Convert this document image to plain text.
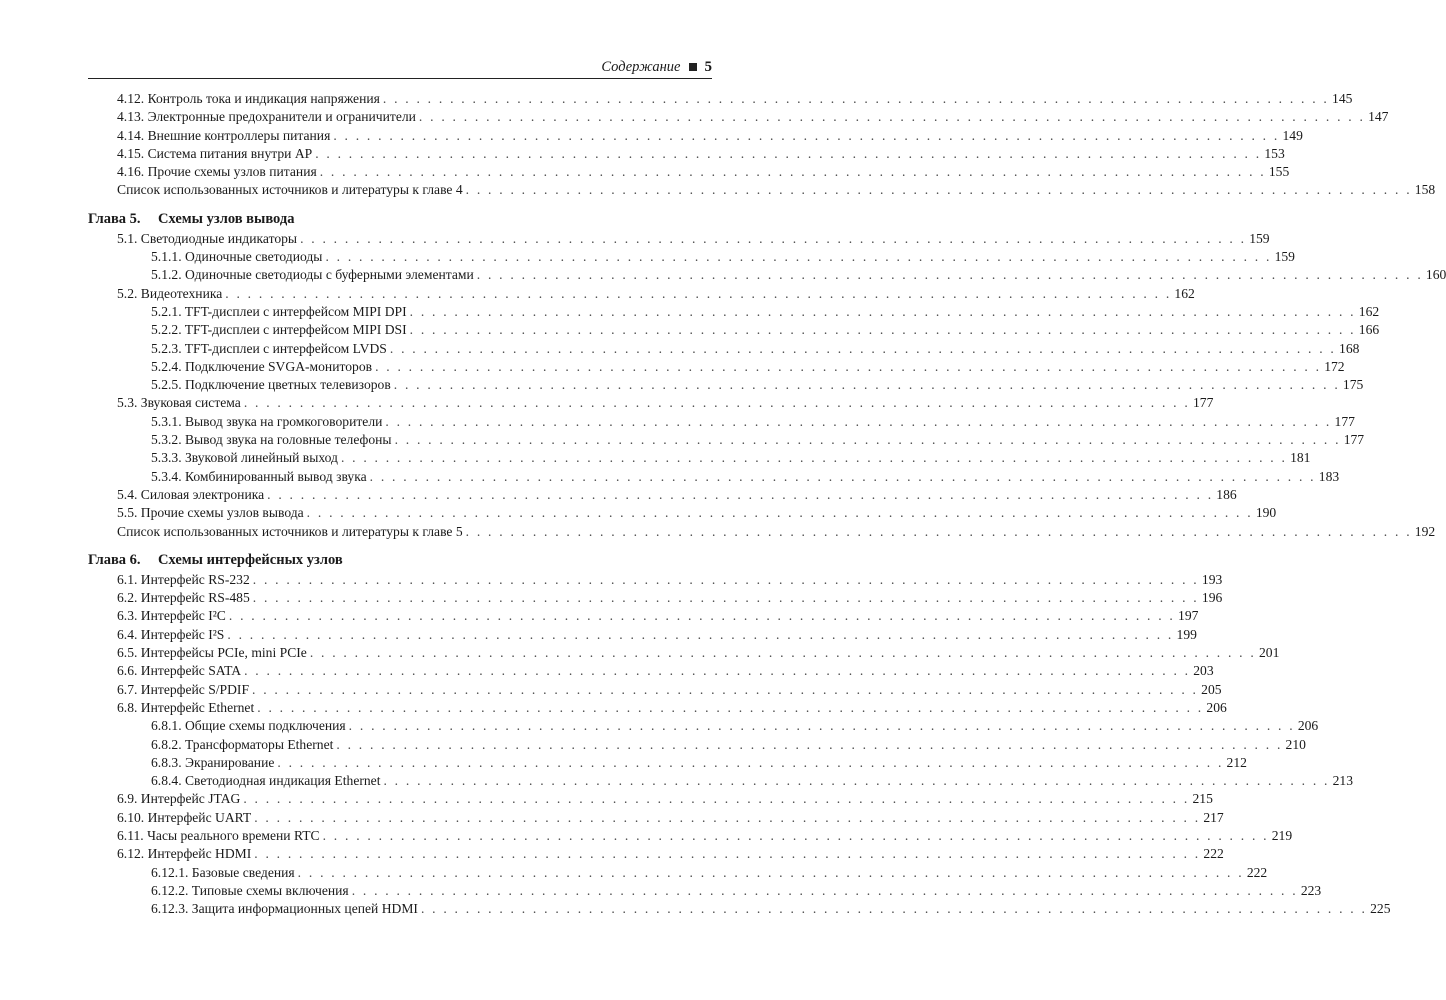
Содержание 5
4.12. Контроль тока и индикация напряжения . . . . . . . . . . . . . . . . . . . . . . . . . . . . . . . . . . . . . . . . . . . . . . . . . . . . . . . . . . . . . . . . . . . . . . . . . . . . . . . . . . . . . 145
4.13. Электронные предохранители и ограничители . . . . . . . . . . . . . . . . . . . . . . . . . . . . . . . . . . . . . . . . . . . . . . . . . . . . . . . . . . . . . . . . . . . . . . . . . . . . . . . . . . . . . 147
4.14. Внешние контроллеры питания . . . . . . . . . . . . . . . . . . . . . . . . . . . . . . . . . . . . . . . . . . . . . . . . . . . . . . . . . . . . . . . . . . . . . . . . . . . . . . . . . . . . . 149
4.15. Система питания внутри AP . . . . . . . . . . . . . . . . . . . . . . . . . . . . . . . . . . . . . . . . . . . . . . . . . . . . . . . . . . . . . . . . . . . . . . . . . . . . . . . . . . . . . 153
4.16. Прочие схемы узлов питания . . . . . . . . . . . . . . . . . . . . . . . . . . . . . . . . . . . . . . . . . . . . . . . . . . . . . . . . . . . . . . . . . . . . . . . . . . . . . . . . . . . . . 155
Список использованных источников и литературы к главе 4 . . . . . . . . . . . . . . . . . . . . . . . . . . . . . . . . . . . . . . . . . . . . . . . . . . . . . . . . . . . . . . . . . . . . . . . . . . . . . . . . . . . . . 158
Глава 5. Схемы узлов вывода
5.1. Светодиодные индикаторы . . . . . . . . . . . . . . . . . . . . . . . . . . . . . . . . . . . . . . . . . . . . . . . . . . . . . . . . . . . . . . . . . . . . . . . . . . . . . . . . . . . . . 159
5.1.1. Одиночные светодиоды . . . . . . . . . . . . . . . . . . . . . . . . . . . . . . . . . . . . . . . . . . . . . . . . . . . . . . . . . . . . . . . . . . . . . . . . . . . . . . . . . . . . . 159
5.1.2. Одиночные светодиоды с буферными элементами . . . . . . . . . . . . . . . . . . . . . . . . . . . . . . . . . . . . . . . . . . . . . . . . . . . . . . . . . . . . . . . . . . . . . . . . . . . . . . . . . . . . . 160
5.2. Видеотехника . . . . . . . . . . . . . . . . . . . . . . . . . . . . . . . . . . . . . . . . . . . . . . . . . . . . . . . . . . . . . . . . . . . . . . . . . . . . . . . . . . . . . 162
5.2.1. TFT-дисплеи с интерфейсом MIPI DPI . . . . . . . . . . . . . . . . . . . . . . . . . . . . . . . . . . . . . . . . . . . . . . . . . . . . . . . . . . . . . . . . . . . . . . . . . . . . . . . . . . . . . 162
5.2.2. TFT-дисплеи с интерфейсом MIPI DSI . . . . . . . . . . . . . . . . . . . . . . . . . . . . . . . . . . . . . . . . . . . . . . . . . . . . . . . . . . . . . . . . . . . . . . . . . . . . . . . . . . . . . 166
5.2.3. TFT-дисплеи с интерфейсом LVDS . . . . . . . . . . . . . . . . . . . . . . . . . . . . . . . . . . . . . . . . . . . . . . . . . . . . . . . . . . . . . . . . . . . . . . . . . . . . . . . . . . . . . 168
5.2.4. Подключение SVGA-мониторов . . . . . . . . . . . . . . . . . . . . . . . . . . . . . . . . . . . . . . . . . . . . . . . . . . . . . . . . . . . . . . . . . . . . . . . . . . . . . . . . . . . . . 172
5.2.5. Подключение цветных телевизоров . . . . . . . . . . . . . . . . . . . . . . . . . . . . . . . . . . . . . . . . . . . . . . . . . . . . . . . . . . . . . . . . . . . . . . . . . . . . . . . . . . . . . 175
5.3. Звуковая система . . . . . . . . . . . . . . . . . . . . . . . . . . . . . . . . . . . . . . . . . . . . . . . . . . . . . . . . . . . . . . . . . . . . . . . . . . . . . . . . . . . . . 177
5.3.1. Вывод звука на громкоговорители . . . . . . . . . . . . . . . . . . . . . . . . . . . . . . . . . . . . . . . . . . . . . . . . . . . . . . . . . . . . . . . . . . . . . . . . . . . . . . . . . . . . . 177
5.3.2. Вывод звука на головные телефоны . . . . . . . . . . . . . . . . . . . . . . . . . . . . . . . . . . . . . . . . . . . . . . . . . . . . . . . . . . . . . . . . . . . . . . . . . . . . . . . . . . . . . 177
5.3.3. Звуковой линейный выход . . . . . . . . . . . . . . . . . . . . . . . . . . . . . . . . . . . . . . . . . . . . . . . . . . . . . . . . . . . . . . . . . . . . . . . . . . . . . . . . . . . . . 181
5.3.4. Комбинированный вывод звука . . . . . . . . . . . . . . . . . . . . . . . . . . . . . . . . . . . . . . . . . . . . . . . . . . . . . . . . . . . . . . . . . . . . . . . . . . . . . . . . . . . . . 183
5.4. Силовая электроника . . . . . . . . . . . . . . . . . . . . . . . . . . . . . . . . . . . . . . . . . . . . . . . . . . . . . . . . . . . . . . . . . . . . . . . . . . . . . . . . . . . . . 186
5.5. Прочие схемы узлов вывода . . . . . . . . . . . . . . . . . . . . . . . . . . . . . . . . . . . . . . . . . . . . . . . . . . . . . . . . . . . . . . . . . . . . . . . . . . . . . . . . . . . . . 190
Список использованных источников и литературы к главе 5 . . . . . . . . . . . . . . . . . . . . . . . . . . . . . . . . . . . . . . . . . . . . . . . . . . . . . . . . . . . . . . . . . . . . . . . . . . . . . . . . . . . . . 192
Глава 6. Схемы интерфейсных узлов
6.1. Интерфейс RS-232 . . . . . . . . . . . . . . . . . . . . . . . . . . . . . . . . . . . . . . . . . . . . . . . . . . . . . . . . . . . . . . . . . . . . . . . . . . . . . . . . . . . . . 193
6.2. Интерфейс RS-485 . . . . . . . . . . . . . . . . . . . . . . . . . . . . . . . . . . . . . . . . . . . . . . . . . . . . . . . . . . . . . . . . . . . . . . . . . . . . . . . . . . . . . 196
6.3. Интерфейс I²C . . . . . . . . . . . . . . . . . . . . . . . . . . . . . . . . . . . . . . . . . . . . . . . . . . . . . . . . . . . . . . . . . . . . . . . . . . . . . . . . . . . . . 197
6.4. Интерфейс I²S . . . . . . . . . . . . . . . . . . . . . . . . . . . . . . . . . . . . . . . . . . . . . . . . . . . . . . . . . . . . . . . . . . . . . . . . . . . . . . . . . . . . . 199
6.5. Интерфейсы PCIe, mini PCIe . . . . . . . . . . . . . . . . . . . . . . . . . . . . . . . . . . . . . . . . . . . . . . . . . . . . . . . . . . . . . . . . . . . . . . . . . . . . . . . . . . . . . 201
6.6. Интерфейс SATA . . . . . . . . . . . . . . . . . . . . . . . . . . . . . . . . . . . . . . . . . . . . . . . . . . . . . . . . . . . . . . . . . . . . . . . . . . . . . . . . . . . . . 203
6.7. Интерфейс S/PDIF . . . . . . . . . . . . . . . . . . . . . . . . . . . . . . . . . . . . . . . . . . . . . . . . . . . . . . . . . . . . . . . . . . . . . . . . . . . . . . . . . . . . . 205
6.8. Интерфейс Ethernet . . . . . . . . . . . . . . . . . . . . . . . . . . . . . . . . . . . . . . . . . . . . . . . . . . . . . . . . . . . . . . . . . . . . . . . . . . . . . . . . . . . . . 206
6.8.1. Общие схемы подключения . . . . . . . . . . . . . . . . . . . . . . . . . . . . . . . . . . . . . . . . . . . . . . . . . . . . . . . . . . . . . . . . . . . . . . . . . . . . . . . . . . . . . 206
6.8.2. Трансформаторы Ethernet . . . . . . . . . . . . . . . . . . . . . . . . . . . . . . . . . . . . . . . . . . . . . . . . . . . . . . . . . . . . . . . . . . . . . . . . . . . . . . . . . . . . . 210
6.8.3. Экранирование . . . . . . . . . . . . . . . . . . . . . . . . . . . . . . . . . . . . . . . . . . . . . . . . . . . . . . . . . . . . . . . . . . . . . . . . . . . . . . . . . . . . . 212
6.8.4. Светодиодная индикация Ethernet . . . . . . . . . . . . . . . . . . . . . . . . . . . . . . . . . . . . . . . . . . . . . . . . . . . . . . . . . . . . . . . . . . . . . . . . . . . . . . . . . . . . . 213
6.9. Интерфейс JTAG . . . . . . . . . . . . . . . . . . . . . . . . . . . . . . . . . . . . . . . . . . . . . . . . . . . . . . . . . . . . . . . . . . . . . . . . . . . . . . . . . . . . . 215
6.10. Интерфейс UART . . . . . . . . . . . . . . . . . . . . . . . . . . . . . . . . . . . . . . . . . . . . . . . . . . . . . . . . . . . . . . . . . . . . . . . . . . . . . . . . . . . . . 217
6.11. Часы реального времени RTC . . . . . . . . . . . . . . . . . . . . . . . . . . . . . . . . . . . . . . . . . . . . . . . . . . . . . . . . . . . . . . . . . . . . . . . . . . . . . . . . . . . . . 219
6.12. Интерфейс HDMI . . . . . . . . . . . . . . . . . . . . . . . . . . . . . . . . . . . . . . . . . . . . . . . . . . . . . . . . . . . . . . . . . . . . . . . . . . . . . . . . . . . . . 222
6.12.1. Базовые сведения . . . . . . . . . . . . . . . . . . . . . . . . . . . . . . . . . . . . . . . . . . . . . . . . . . . . . . . . . . . . . . . . . . . . . . . . . . . . . . . . . . . . . 222
6.12.2. Типовые схемы включения . . . . . . . . . . . . . . . . . . . . . . . . . . . . . . . . . . . . . . . . . . . . . . . . . . . . . . . . . . . . . . . . . . . . . . . . . . . . . . . . . . . . . 223
6.12.3. Защита информационных цепей HDMI . . . . . . . . . . . . . . . . . . . . . . . . . . . . . . . . . . . . . . . . . . . . . . . . . . . . . . . . . . . . . . . . . . . . . . . . . . . . . . . . . . . . . 225
